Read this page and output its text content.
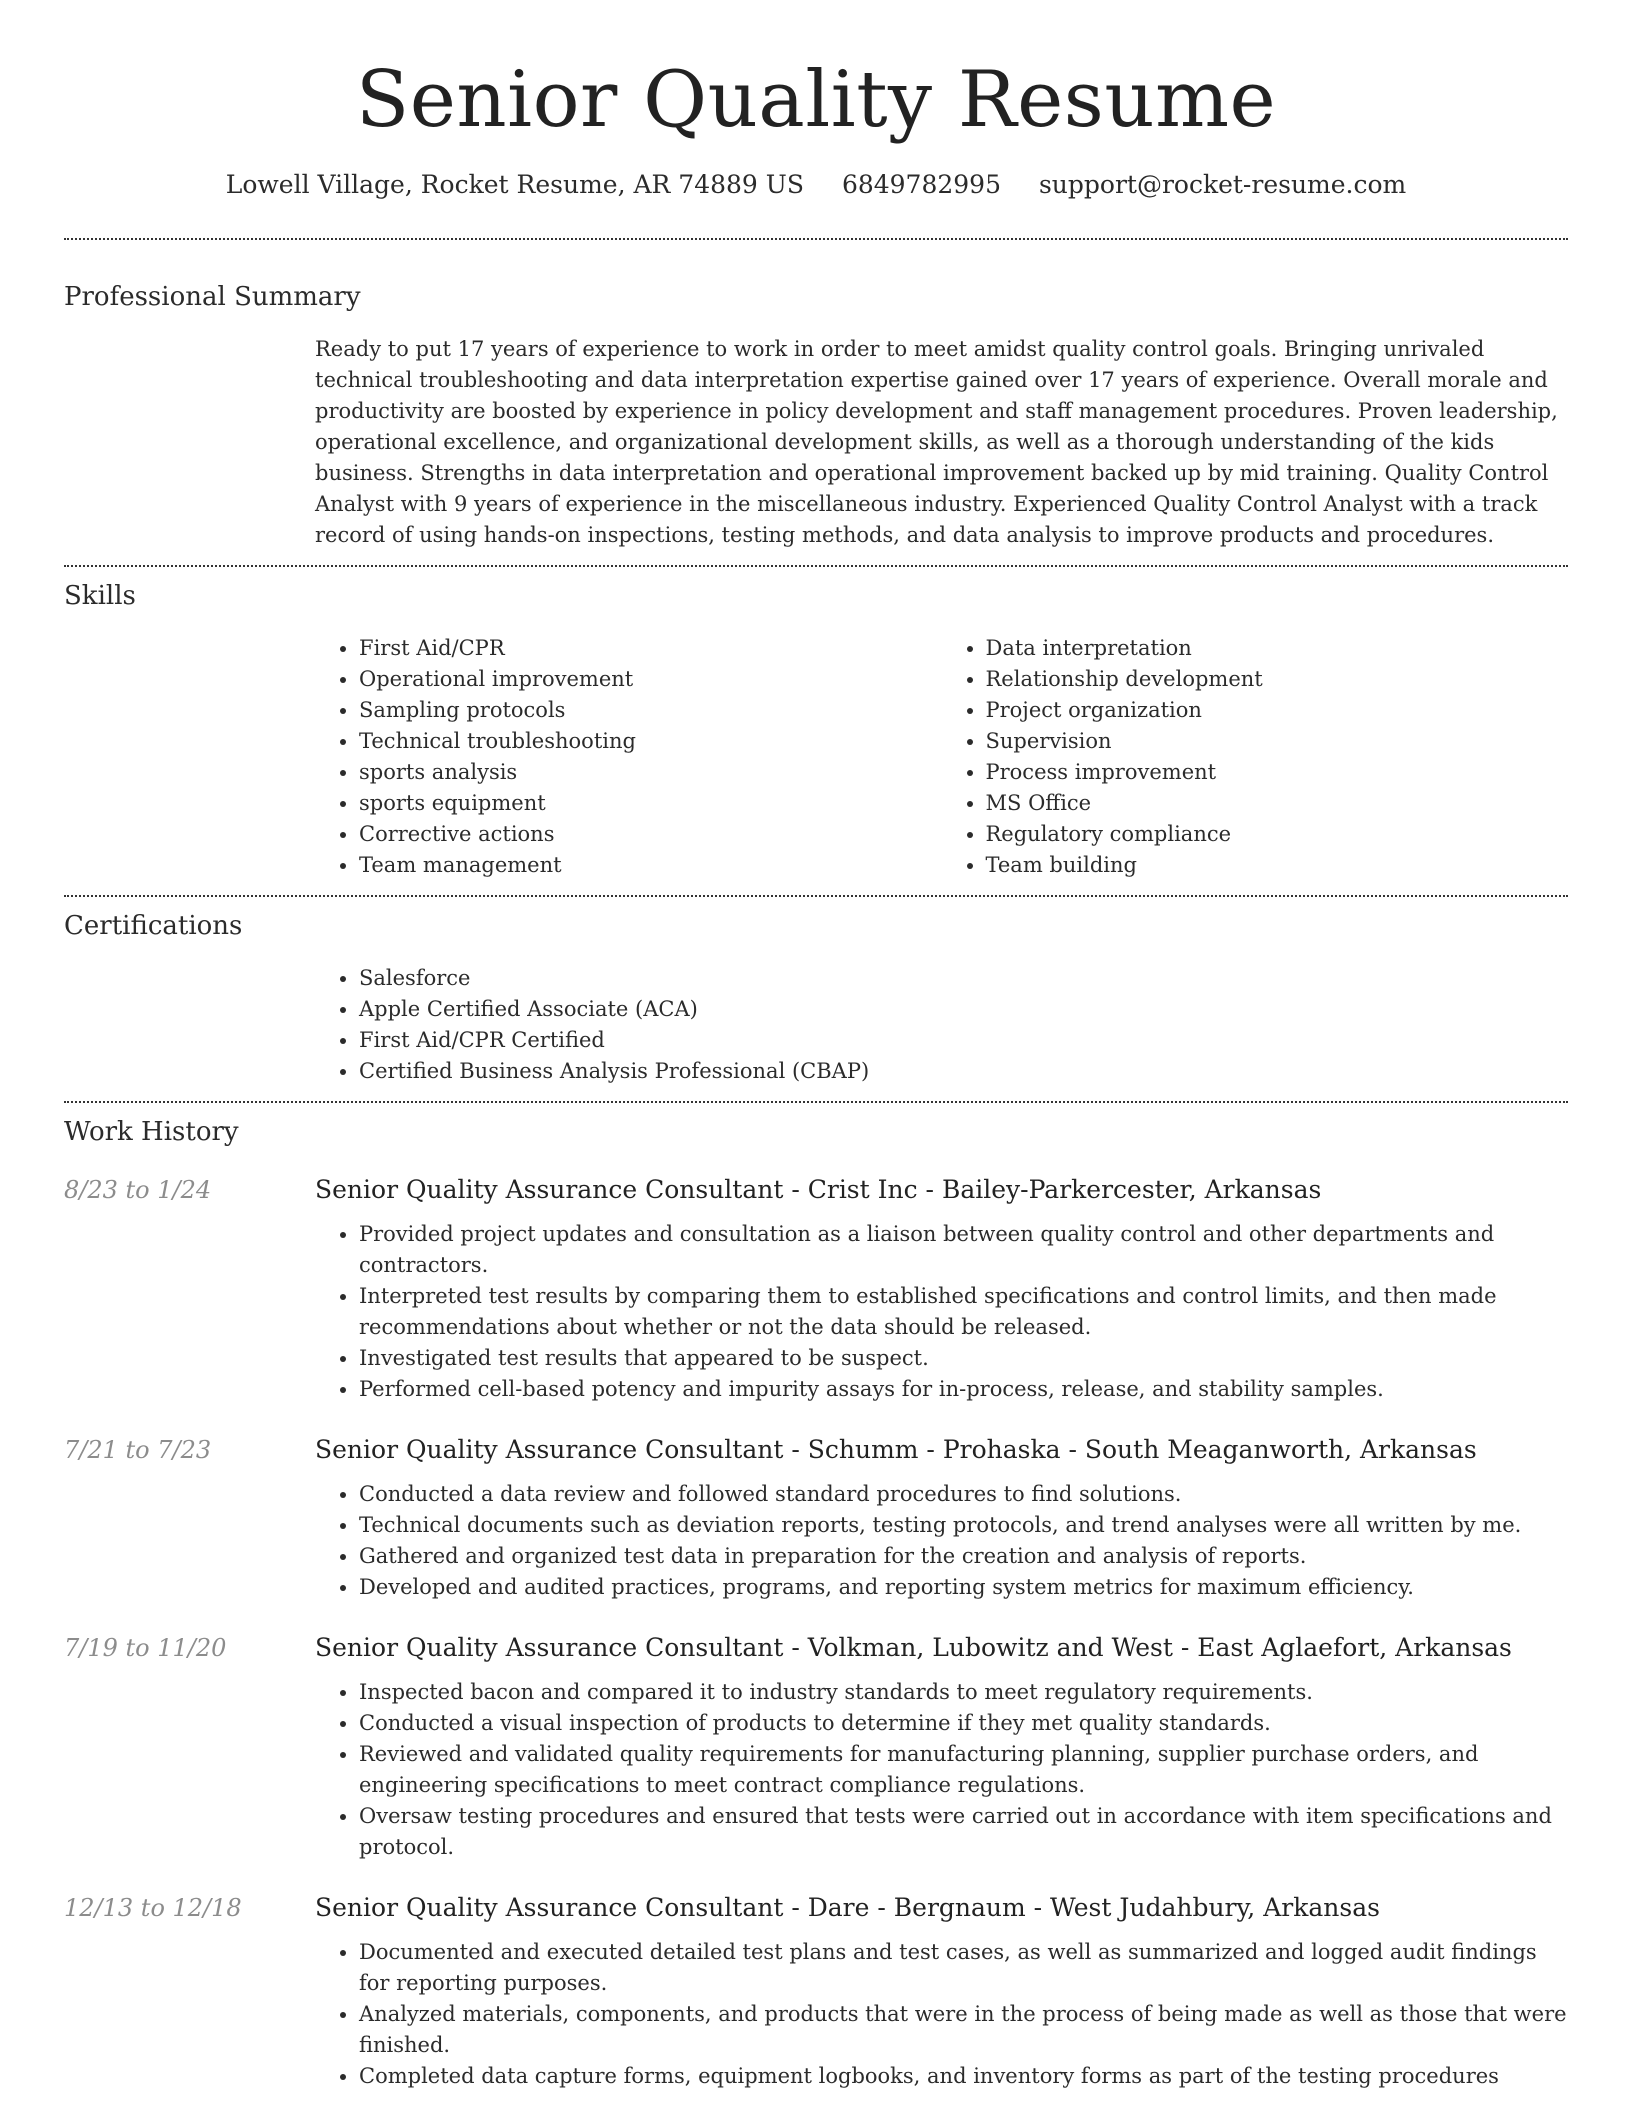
Senior Quality Resume
Lowell Village, Rocket Resume, AR 74889 US 6849782995 support@rocket-resume.com
Professional Summary

Ready to put 17 years of experience to work in order to meet amidst quality control goals. Bringing unrivaled technical troubleshooting and data interpretation expertise gained over 17 years of experience. Overall morale and productivity are boosted by experience in policy development and staff management procedures. Proven leadership, operational excellence, and organizational development skills, as well as a thorough understanding of the kids business. Strengths in data interpretation and operational improvement backed up by mid training. Quality Control Analyst with 9 years of experience in the miscellaneous industry. Experienced Quality Control Analyst with a track record of using hands-on inspections, testing methods, and data analysis to improve products and procedures.

Skills
• First Aid/CPR
• Operational improvement
• Sampling protocols
• Technical troubleshooting
• sports analysis
• sports equipment
• Corrective actions
• Team management
• Data interpretation
• Relationship development
• Project organization
• Supervision
• Process improvement
• MS Office
• Regulatory compliance
• Team building
Certifications
• Salesforce
• Apple Certified Associate (ACA)
• First Aid/CPR Certified
• Certified Business Analysis Professional (CBAP)
Work History
8/23 to 1/24	Senior Quality Assurance Consultant - Crist Inc - Bailey-Parkercester, Arkansas
• Provided project updates and consultation as a liaison between quality control and other departments and contractors.
• Interpreted test results by comparing them to established specifications and control limits, and then made recommendations about whether or not the data should be released.
• Investigated test results that appeared to be suspect.
• Performed cell-based potency and impurity assays for in-process, release, and stability samples.
7/21 to 7/23	Senior Quality Assurance Consultant - Schumm - Prohaska - South Meaganworth, Arkansas
• Conducted a data review and followed standard procedures to find solutions.
• Technical documents such as deviation reports, testing protocols, and trend analyses were all written by me.
• Gathered and organized test data in preparation for the creation and analysis of reports.
• Developed and audited practices, programs, and reporting system metrics for maximum efficiency.
7/19 to 11/20	Senior Quality Assurance Consultant - Volkman, Lubowitz and West - East Aglaefort, Arkansas
• Inspected bacon and compared it to industry standards to meet regulatory requirements.
• Conducted a visual inspection of products to determine if they met quality standards.
• Reviewed and validated quality requirements for manufacturing planning, supplier purchase orders, and engineering specifications to meet contract compliance regulations.
• Oversaw testing procedures and ensured that tests were carried out in accordance with item specifications and protocol.
12/13 to 12/18	Senior Quality Assurance Consultant - Dare - Bergnaum - West Judahbury, Arkansas
• Documented and executed detailed test plans and test cases, as well as summarized and logged audit findings for reporting purposes.
• Analyzed materials, components, and products that were in the process of being made as well as those that were finished.
• Completed data capture forms, equipment logbooks, and inventory forms as part of the testing procedures
